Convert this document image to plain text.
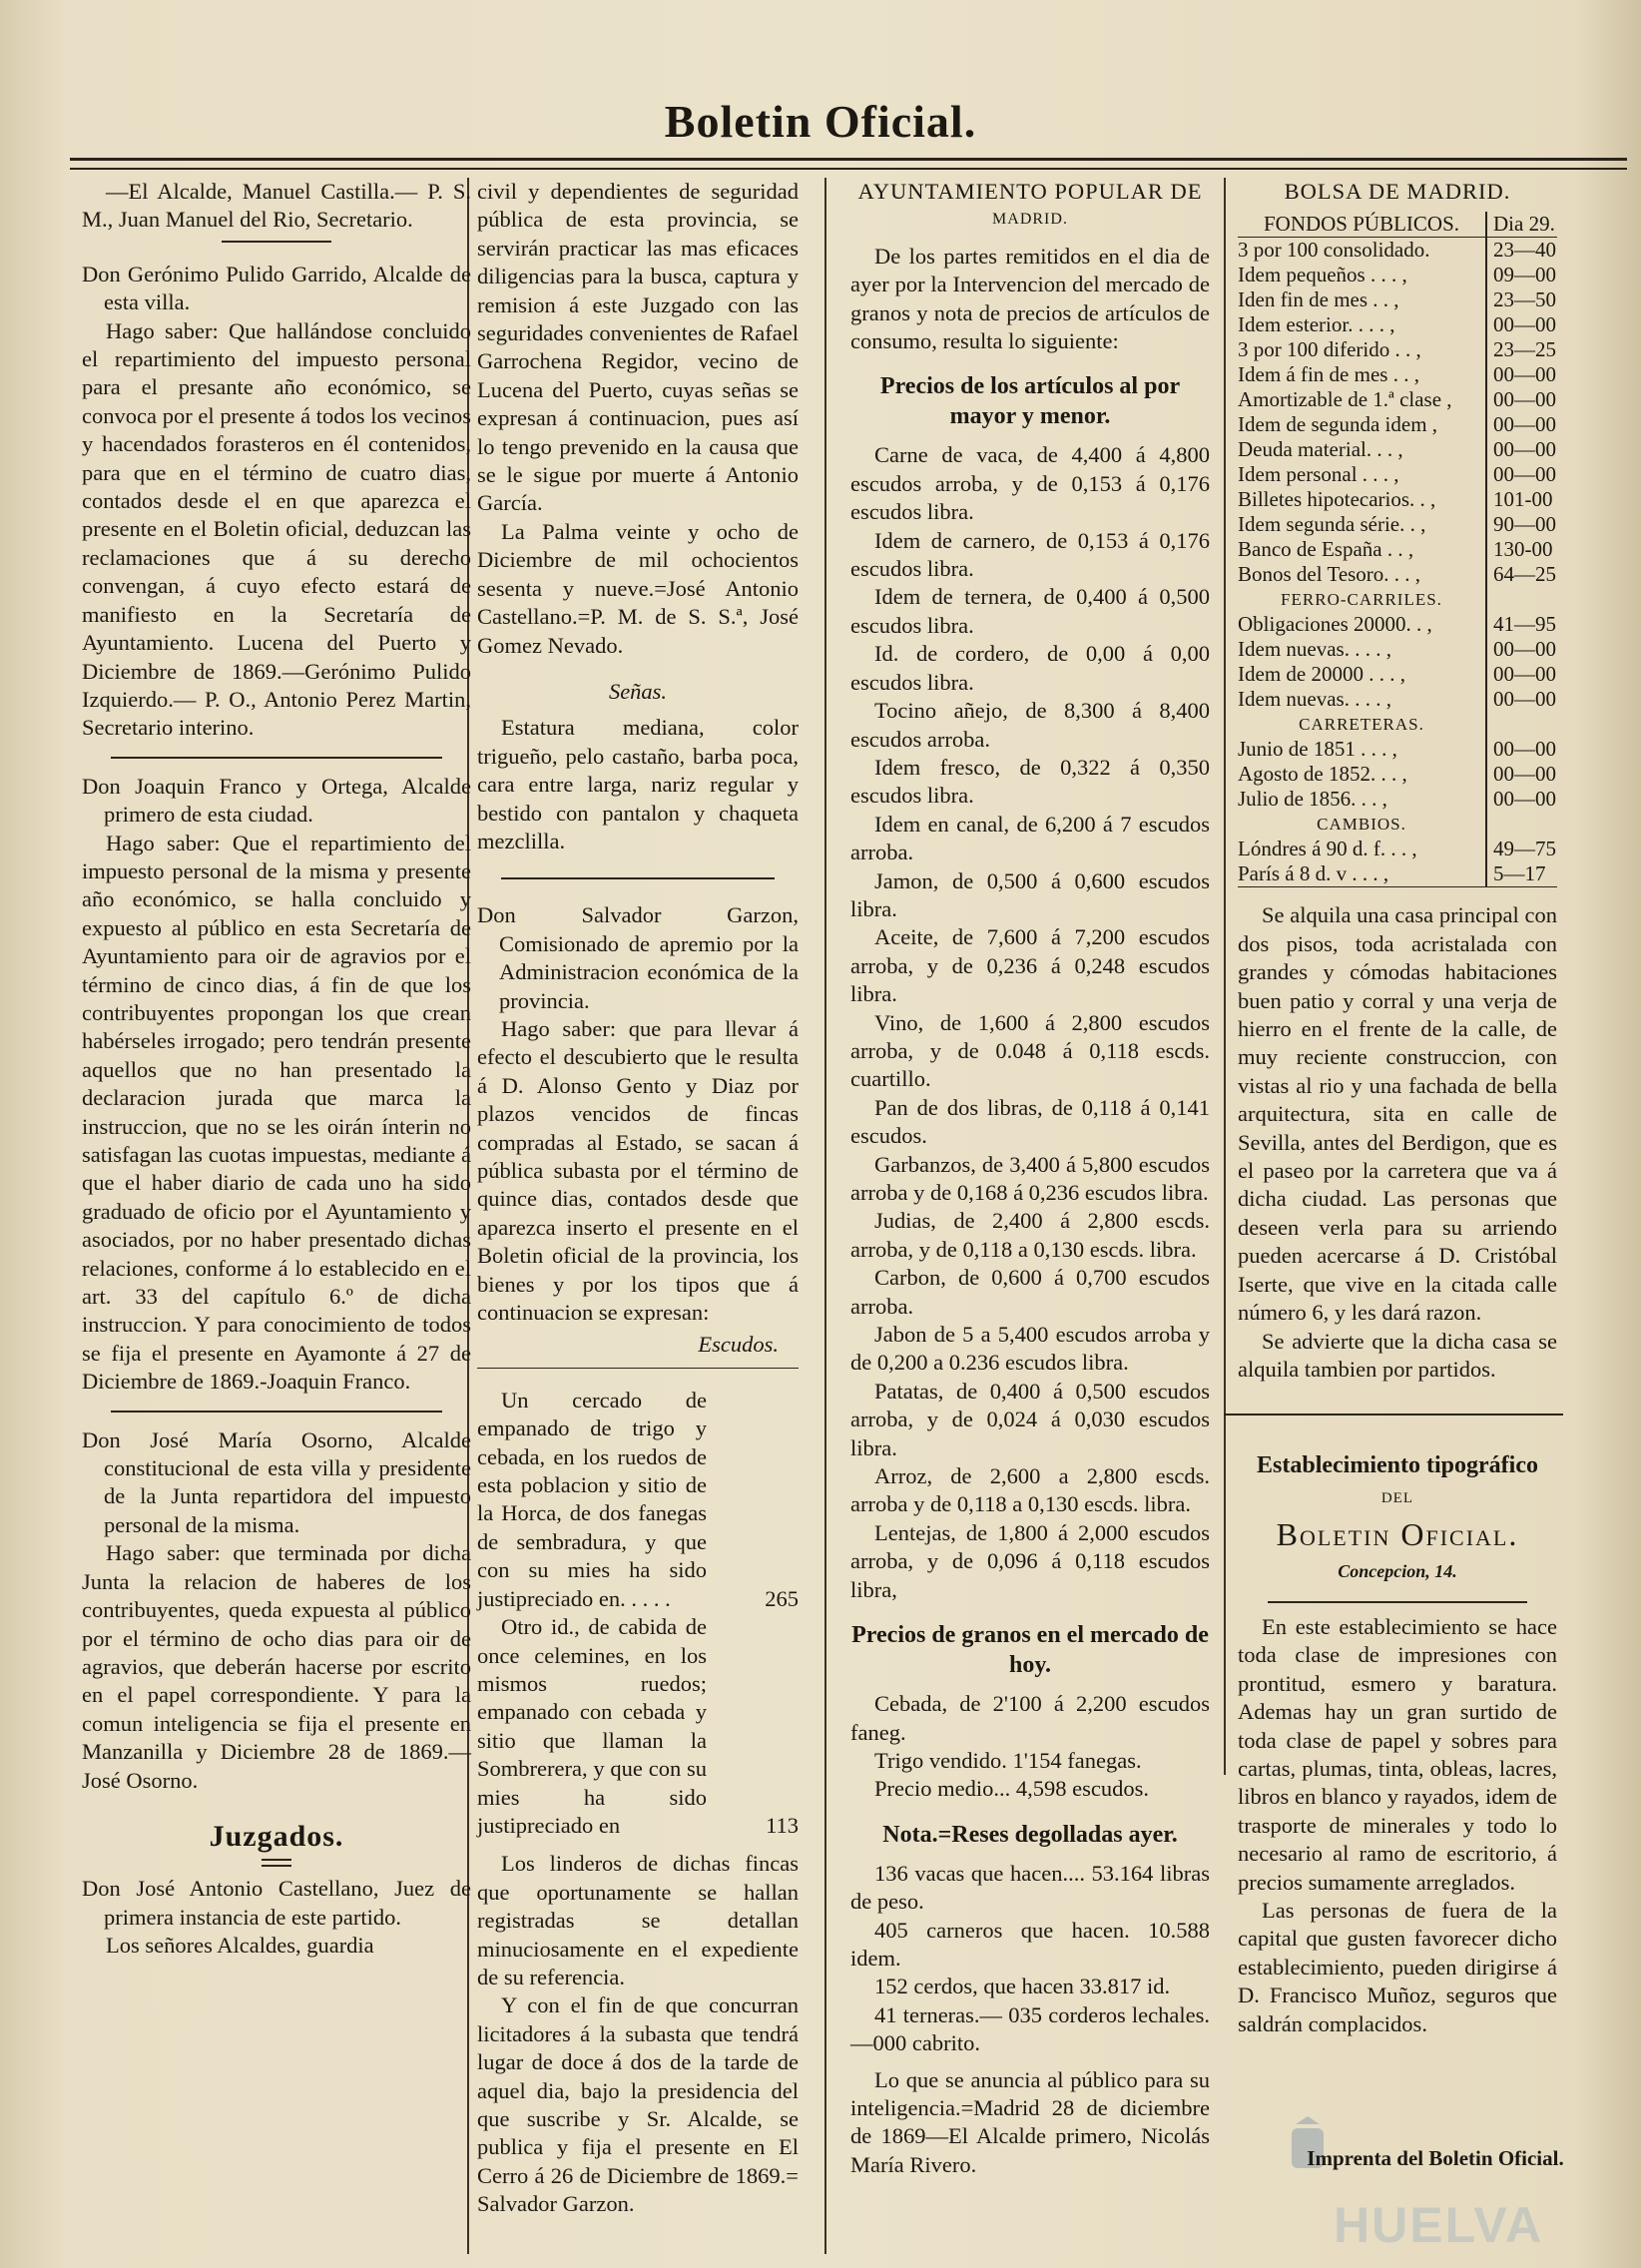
Boletin Oficial.
—El Alcalde, Manuel Castilla.— P. S. M., Juan Manuel del Rio, Secretario.
Don Gerónimo Pulido Garrido, Alcalde de esta villa.
Hago saber: Que hallándose concluido el repartimiento del impuesto personal para el presante año económico, se convoca por el presente á todos los vecinos y hacendados forasteros en él contenidos, para que en el término de cuatro dias, contados desde el en que aparezca el presente en el Boletin oficial, deduzcan las reclamaciones que á su derecho convengan, á cuyo efecto estará de manifiesto en la Secretaría de Ayuntamiento. Lucena del Puerto y Diciembre de 1869.—Gerónimo Pulido Izquierdo.— P. O., Antonio Perez Martin, Secretario interino.
Don Joaquin Franco y Ortega, Alcalde primero de esta ciudad.
Hago saber: Que el repartimiento del impuesto personal de la misma y presente año económico, se halla concluido y expuesto al público en esta Secretaría de Ayuntamiento para oir de agravios por el término de cinco dias, á fin de que los contribuyentes propongan los que crean habérseles irrogado; pero tendrán presente aquellos que no han presentado la declaracion jurada que marca la instruccion, que no se les oirán ínterin no satisfagan las cuotas impuestas, mediante á que el haber diario de cada uno ha sido graduado de oficio por el Ayuntamiento y asociados, por no haber presentado dichas relaciones, conforme á lo establecido en el art. 33 del capítulo 6.º de dicha instruccion. Y para conocimiento de todos se fija el presente en Ayamonte á 27 de Diciembre de 1869.-Joaquin Franco.
Don José María Osorno, Alcalde constitucional de esta villa y presidente de la Junta repartidora del impuesto personal de la misma.
Hago saber: que terminada por dicha Junta la relacion de haberes de los contribuyentes, queda expuesta al público por el término de ocho dias para oir de agravios, que deberán hacerse por escrito en el papel correspondiente. Y para la comun inteligencia se fija el presente en Manzanilla y Diciembre 28 de 1869.—José Osorno.
Juzgados.
Don José Antonio Castellano, Juez de primera instancia de este partido.
Los señores Alcaldes, guardia
civil y dependientes de seguridad pública de esta provincia, se servirán practicar las mas eficaces diligencias para la busca, captura y remision á este Juzgado con las seguridades convenientes de Rafael Garrochena Regidor, vecino de Lucena del Puerto, cuyas señas se expresan á continuacion, pues así lo tengo prevenido en la causa que se le sigue por muerte á Antonio García.
La Palma veinte y ocho de Diciembre de mil ochocientos sesenta y nueve.=José Antonio Castellano.=P. M. de S. S.ª, José Gomez Nevado.
Señas.
Estatura mediana, color trigueño, pelo castaño, barba poca, cara entre larga, nariz regular y bestido con pantalon y chaqueta mezclilla.
Don Salvador Garzon, Comisionado de apremio por la Administracion económica de la provincia.
Hago saber: que para llevar á efecto el descubierto que le resulta á D. Alonso Gento y Diaz por plazos vencidos de fincas compradas al Estado, se sacan á pública subasta por el término de quince dias, contados desde que aparezca inserto el presente en el Boletin oficial de la provincia, los bienes y por los tipos que á continuacion se expresan:
Escudos.
Un cercado de empanado de trigo y cebada, en los ruedos de esta poblacion y sitio de la Horca, de dos fanegas de sembradura, y que con su mies ha sido justipreciado en. . . . .	265
Otro id., de cabida de once celemines, en los mismos ruedos; empanado con cebada y sitio que llaman la Sombrerera, y que con su mies ha sido justipreciado en	113
Los linderos de dichas fincas que oportunamente se hallan registradas se detallan minuciosamente en el expediente de su referencia.
Y con el fin de que concurran licitadores á la subasta que tendrá lugar de doce á dos de la tarde de aquel dia, bajo la presidencia del que suscribe y Sr. Alcalde, se publica y fija el presente en El Cerro á 26 de Diciembre de 1869.= Salvador Garzon.
AYUNTAMIENTO POPULAR DE
MADRID.
De los partes remitidos en el dia de ayer por la Intervencion del mercado de granos y nota de precios de artículos de consumo, resulta lo siguiente:
Precios de los artículos al por mayor y menor.
Carne de vaca, de 4,400 á 4,800 escudos arroba, y de 0,153 á 0,176 escudos libra.
Idem de carnero, de 0,153 á 0,176 escudos libra.
Idem de ternera, de 0,400 á 0,500 escudos libra.
Id. de cordero, de 0,00 á 0,00 escudos libra.
Tocino añejo, de 8,300 á 8,400 escudos arroba.
Idem fresco, de 0,322 á 0,350 escudos libra.
Idem en canal, de 6,200 á 7 escudos arroba.
Jamon, de 0,500 á 0,600 escudos libra.
Aceite, de 7,600 á 7,200 escudos arroba, y de 0,236 á 0,248 escudos libra.
Vino, de 1,600 á 2,800 escudos arroba, y de 0.048 á 0,118 escds. cuartillo.
Pan de dos libras, de 0,118 á 0,141 escudos.
Garbanzos, de 3,400 á 5,800 escudos arroba y de 0,168 á 0,236 escudos libra.
Judias, de 2,400 á 2,800 escds. arroba, y de 0,118 a 0,130 escds. libra.
Carbon, de 0,600 á 0,700 escudos arroba.
Jabon de 5 a 5,400 escudos arroba y de 0,200 a 0.236 escudos libra.
Patatas, de 0,400 á 0,500 escudos arroba, y de 0,024 á 0,030 escudos libra.
Arroz, de 2,600 a 2,800 escds. arroba y de 0,118 a 0,130 escds. libra.
Lentejas, de 1,800 á 2,000 escudos arroba, y de 0,096 á 0,118 escudos libra,
Precios de granos en el mercado de hoy.
Cebada, de 2'100 á 2,200 escudos faneg.
Trigo vendido. 1'154 fanegas.
Precio medio... 4,598 escudos.
Nota.=Reses degolladas ayer.
136 vacas que hacen.... 53.164 libras de peso.
405 carneros que hacen. 10.588 idem.
152 cerdos, que hacen 33.817 id.
41 terneras.— 035 corderos lechales.—000 cabrito.
Lo que se anuncia al público para su inteligencia.=Madrid 28 de diciembre de 1869—El Alcalde primero, Nicolás María Rivero.
BOLSA DE MADRID.
FONDOS PÚBLICOS.	Dia 29.
3 por 100 consolidado.	23—40
Idem pequeños . . . ,	09—00
Iden fin de mes . . ,	23—50
Idem esterior. . . . ,	00—00
3 por 100 diferido . . ,	23—25
Idem á fin de mes . . ,	00—00
Amortizable de 1.ª clase ,	00—00
Idem de segunda idem ,	00—00
Deuda material. . . ,	00—00
Idem personal . . . ,	00—00
Billetes hipotecarios. . ,	101-00
Idem segunda série. . ,	90—00
Banco de España . . ,	130-00
Bonos del Tesoro. . . ,	64—25
FERRO-CARRILES.	
Obligaciones 20000. . ,	41—95
Idem nuevas. . . . ,	00—00
Idem de 20000 . . . ,	00—00
Idem nuevas. . . . ,	00—00
CARRETERAS.	
Junio de 1851 . . . ,	00—00
Agosto de 1852. . . ,	00—00
Julio de 1856. . . ,	00—00
CAMBIOS.	
Lóndres á 90 d. f. . . ,	49—75
París á 8 d. v . . . ,	5—17
Se alquila una casa principal con dos pisos, toda acristalada con grandes y cómodas habitaciones buen patio y corral y una verja de hierro en el frente de la calle, de muy reciente construccion, con vistas al rio y una fachada de bella arquitectura, sita en calle de Sevilla, antes del Berdigon, que es el paseo por la carretera que va á dicha ciudad. Las personas que deseen verla para su arriendo pueden acercarse á D. Cristóbal Iserte, que vive en la citada calle número 6, y les dará razon.
Se advierte que la dicha casa se alquila tambien por partidos.
Establecimiento tipográfico
DEL
Boletin Oficial.
Concepcion, 14.
En este establecimiento se hace toda clase de impresiones con prontitud, esmero y baratura. Ademas hay un gran surtido de toda clase de papel y sobres para cartas, plumas, tinta, obleas, lacres, libros en blanco y rayados, idem de trasporte de minerales y todo lo necesario al ramo de escritorio, á precios sumamente arreglados.
Las personas de fuera de la capital que gusten favorecer dicho establecimiento, pueden dirigirse á D. Francisco Muñoz, seguros que saldrán complacidos.
Imprenta del Boletin Oficial.
HUELVA
